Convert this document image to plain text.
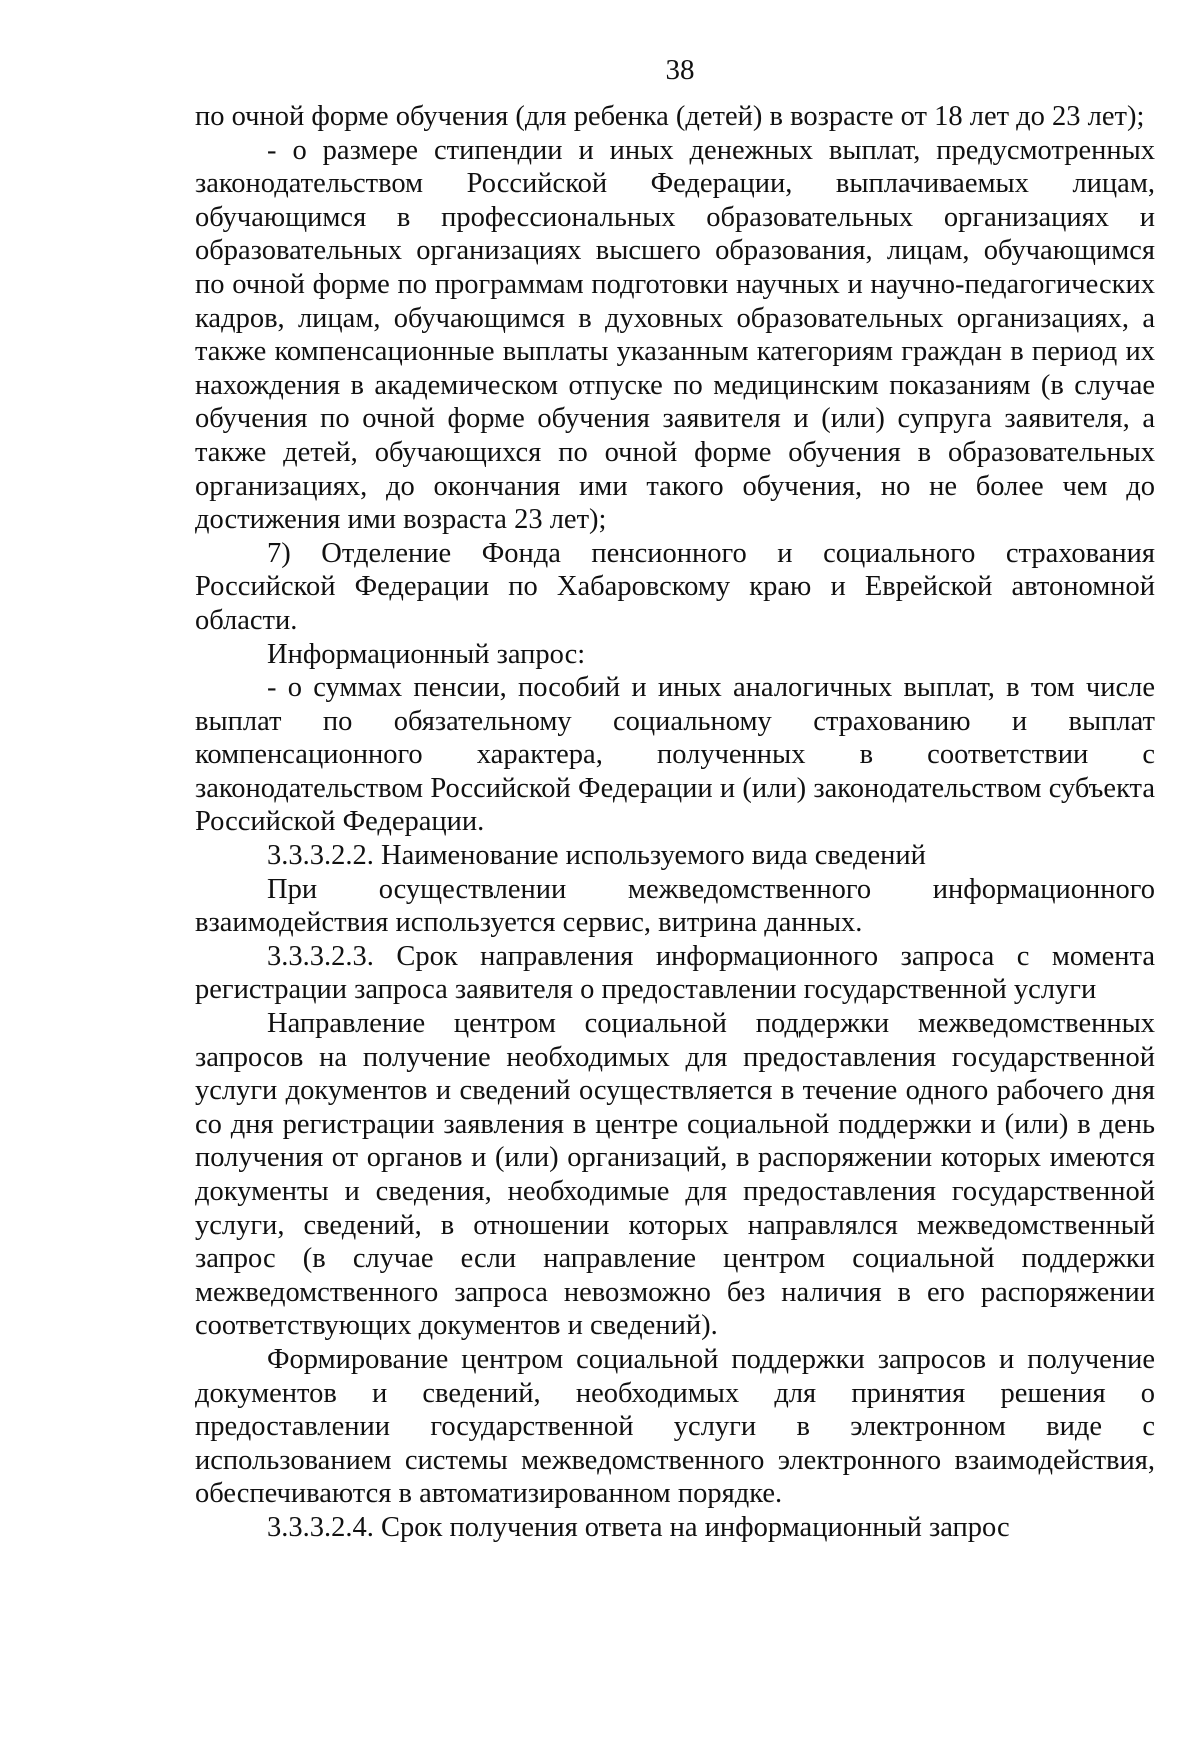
38

по очной форме обучения (для ребенка (детей) в возрасте от 18 лет до 23 лет);

- о размере стипендии и иных денежных выплат, предусмотренных законодательством Российской Федерации, выплачиваемых лицам, обучающимся в профессиональных образовательных организациях и образовательных организациях высшего образования, лицам, обучающимся по очной форме по программам подготовки научных и научно-педагогических кадров, лицам, обучающимся в духовных образовательных организациях, а также компенсационные выплаты указанным категориям граждан в период их нахождения в академическом отпуске по медицинским показаниям (в случае обучения по очной форме обучения заявителя и (или) супруга заявителя, а также детей, обучающихся по очной форме обучения в образовательных организациях, до окончания ими такого обучения, но не более чем до достижения ими возраста 23 лет);

7) Отделение Фонда пенсионного и социального страхования Российской Федерации по Хабаровскому краю и Еврейской автономной области.

Информационный запрос:

- о суммах пенсии, пособий и иных аналогичных выплат, в том числе выплат по обязательному социальному страхованию и выплат компенсационного характера, полученных в соответствии с законодательством Российской Федерации и (или) законодательством субъекта Российской Федерации.

3.3.3.2.2. Наименование используемого вида сведений

При осуществлении межведомственного информационного взаимодействия используется сервис, витрина данных.

3.3.3.2.3. Срок направления информационного запроса с момента регистрации запроса заявителя о предоставлении государственной услуги

Направление центром социальной поддержки межведомственных запросов на получение необходимых для предоставления государственной услуги документов и сведений осуществляется в течение одного рабочего дня со дня регистрации заявления в центре социальной поддержки и (или) в день получения от органов и (или) организаций, в распоряжении которых имеются документы и сведения, необходимые для предоставления государственной услуги, сведений, в отношении которых направлялся межведомственный запрос (в случае если направление центром социальной поддержки межведомственного запроса невозможно без наличия в его распоряжении соответствующих документов и сведений).

Формирование центром социальной поддержки запросов и получение документов и сведений, необходимых для принятия решения о предоставлении государственной услуги в электронном виде с использованием системы межведомственного электронного взаимодействия, обеспечиваются в автоматизированном порядке.

3.3.3.2.4. Срок получения ответа на информационный запрос
